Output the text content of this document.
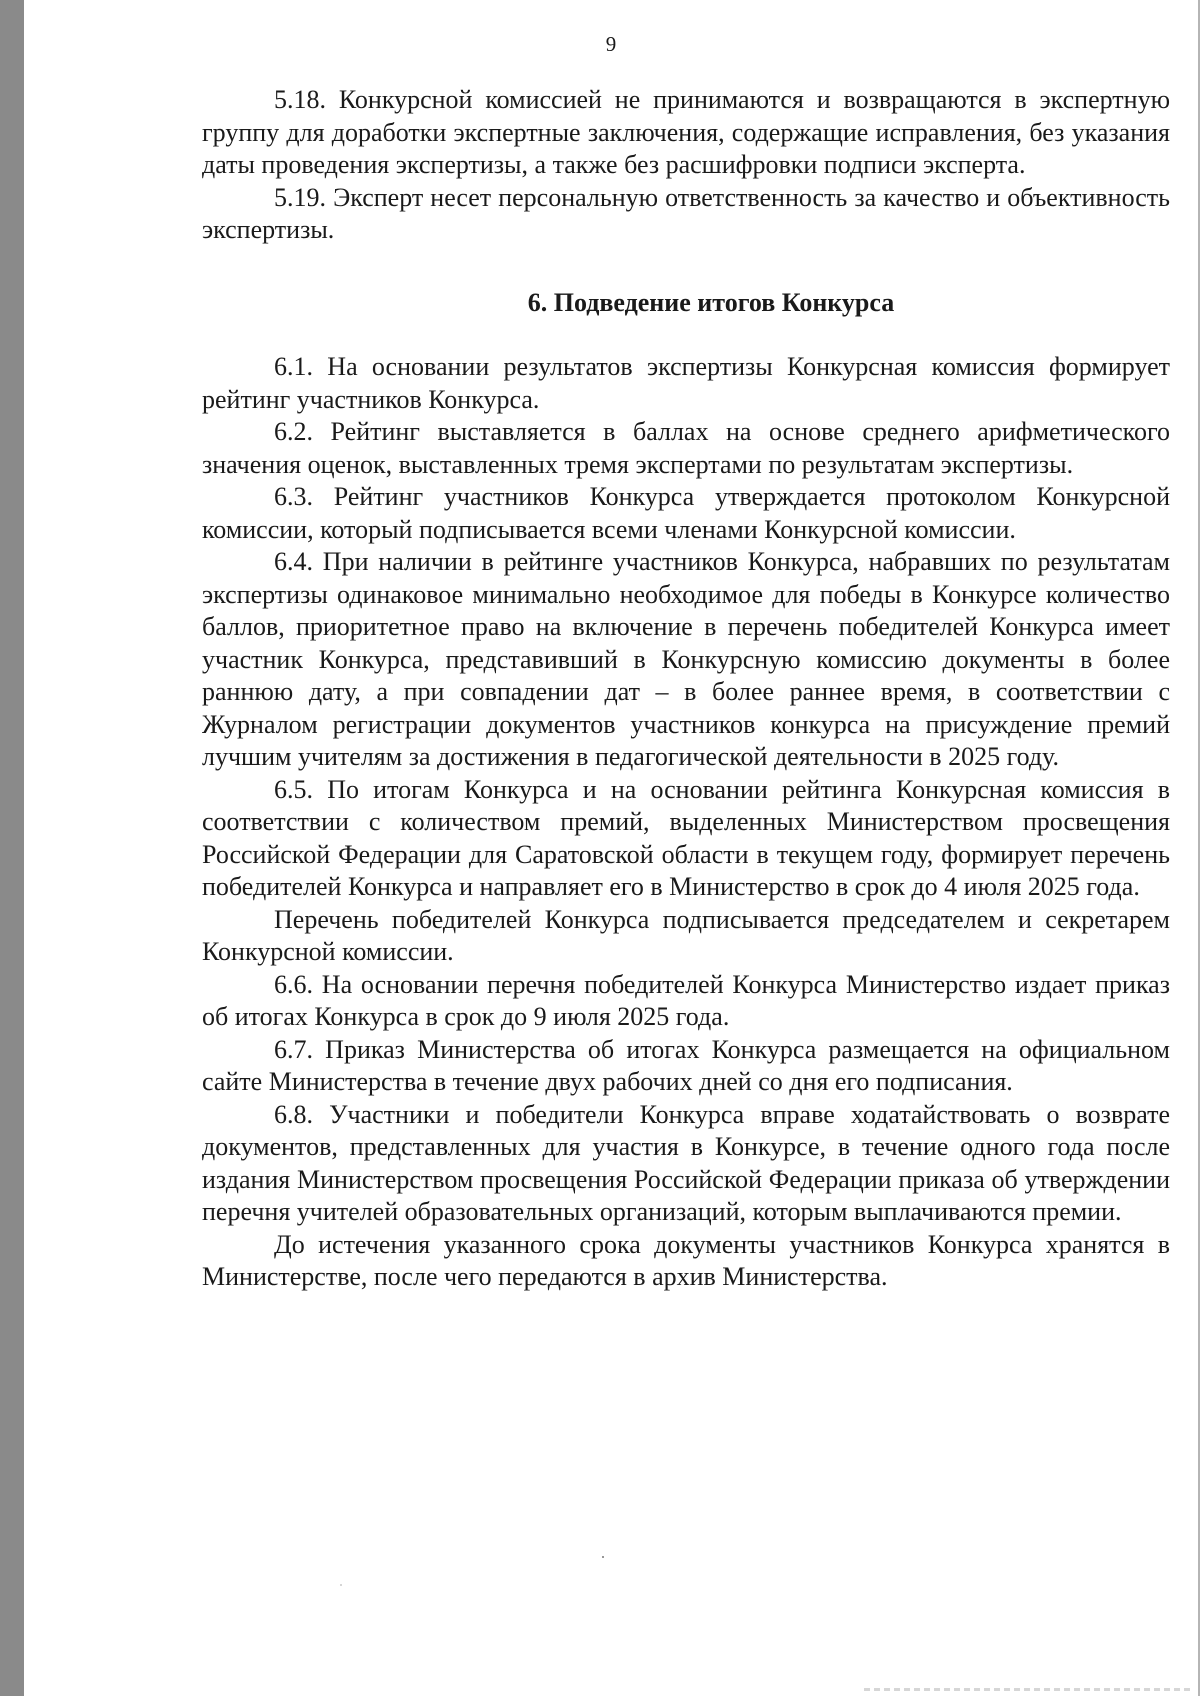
9

5.18. Конкурсной комиссией не принимаются и возвращаются в экспертную группу для доработки экспертные заключения, содержащие исправления, без указания даты проведения экспертизы, а также без расшифровки подписи эксперта.

5.19. Эксперт несет персональную ответственность за качество и объективность экспертизы.

6. Подведение итогов Конкурса

6.1. На основании результатов экспертизы Конкурсная комиссия формирует рейтинг участников Конкурса.

6.2. Рейтинг выставляется в баллах на основе среднего арифметического значения оценок, выставленных тремя экспертами по результатам экспертизы.

6.3. Рейтинг участников Конкурса утверждается протоколом Конкурсной комиссии, который подписывается всеми членами Конкурсной комиссии.

6.4. При наличии в рейтинге участников Конкурса, набравших по результатам экспертизы одинаковое минимально необходимое для победы в Конкурсе количество баллов, приоритетное право на включение в перечень победителей Конкурса имеет участник Конкурса, представивший в Конкурсную комиссию документы в более раннюю дату, а при совпадении дат – в более раннее время, в соответствии с Журналом регистрации документов участников конкурса на присуждение премий лучшим учителям за достижения в педагогической деятельности в 2025 году.

6.5. По итогам Конкурса и на основании рейтинга Конкурсная комиссия в соответствии с количеством премий, выделенных Министерством просвещения Российской Федерации для Саратовской области в текущем году, формирует перечень победителей Конкурса и направляет его в Министерство в срок до 4 июля 2025 года.

Перечень победителей Конкурса подписывается председателем и секретарем Конкурсной комиссии.

6.6. На основании перечня победителей Конкурса Министерство издает приказ об итогах Конкурса в срок до 9 июля 2025 года.

6.7. Приказ Министерства об итогах Конкурса размещается на официальном сайте Министерства в течение двух рабочих дней со дня его подписания.

6.8. Участники и победители Конкурса вправе ходатайствовать о возврате документов, представленных для участия в Конкурсе, в течение одного года после издания Министерством просвещения Российской Федерации приказа об утверждении перечня учителей образовательных организаций, которым выплачиваются премии.

До истечения указанного срока документы участников Конкурса хранятся в Министерстве, после чего передаются в архив Министерства.
